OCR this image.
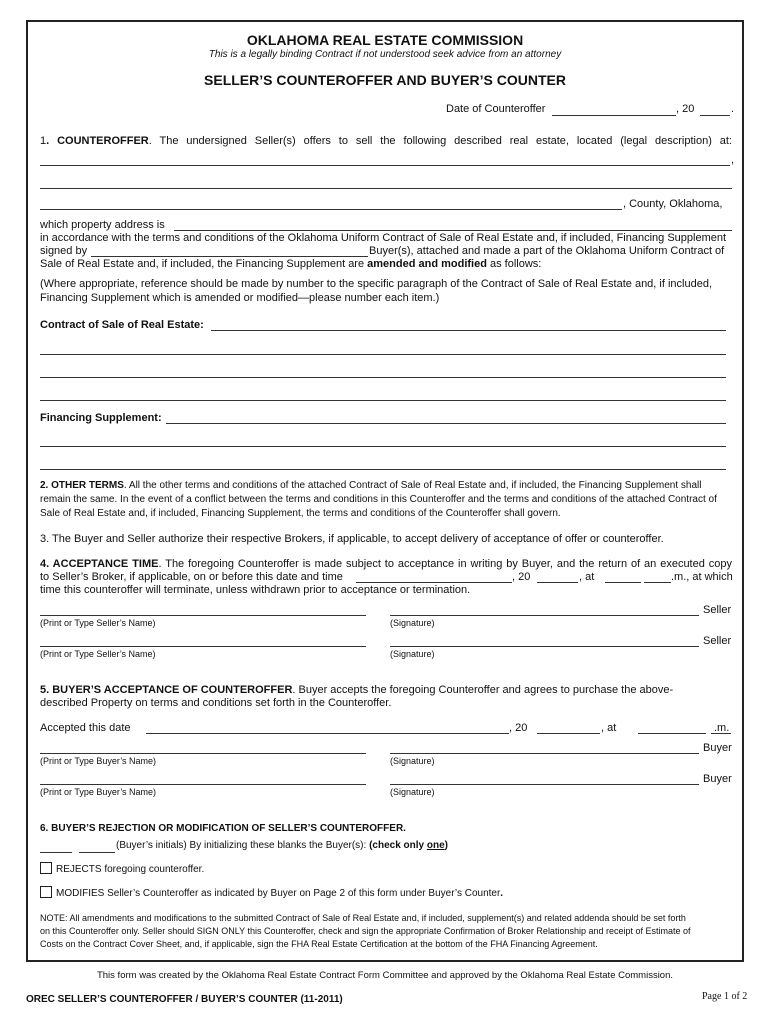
OKLAHOMA REAL ESTATE COMMISSION
This is a legally binding Contract if not understood seek advice from an attorney
SELLER’S COUNTEROFFER AND BUYER’S COUNTER
Date of Counteroffer	, 20	.
1. COUNTEROFFER. The undersigned Seller(s) offers to sell the following described real estate, located (legal description) at:
,
, County, Oklahoma,
which property address is
in accordance with the terms and conditions of the Oklahoma Uniform Contract of Sale of Real Estate and, if included, Financing Supplement
signed by	Buyer(s), attached and made a part of the Oklahoma Uniform Contract of
Sale of Real Estate and, if included, the Financing Supplement are amended and modified as follows:
(Where appropriate, reference should be made by number to the specific paragraph of the Contract of Sale of Real Estate and, if included,
Financing Supplement which is amended or modified—please number each item.)
Contract of Sale of Real Estate:
Financing Supplement:
2. OTHER TERMS. All the other terms and conditions of the attached Contract of Sale of Real Estate and, if included, the Financing Supplement shall
remain the same. In the event of a conflict between the terms and conditions in this Counteroffer and the terms and conditions of the attached Contract of
Sale of Real Estate and, if included, Financing Supplement, the terms and conditions of the Counteroffer shall govern.
3. The Buyer and Seller authorize their respective Brokers, if applicable, to accept delivery of acceptance of offer or counteroffer.
4. ACCEPTANCE TIME. The foregoing Counteroffer is made subject to acceptance in writing by Buyer, and the return of an executed copy
to Seller’s Broker, if applicable, on or before this date and time	, 20	, at	.m., at which
time this counteroffer will terminate, unless withdrawn prior to acceptance or termination.
Seller
(Print or Type Seller’s Name)	(Signature)
Seller
(Print or Type Seller’s Name)	(Signature)
5. BUYER’S ACCEPTANCE OF COUNTEROFFER. Buyer accepts the foregoing Counteroffer and agrees to purchase the above-
described Property on terms and conditions set forth in the Counteroffer.
Accepted this date	, 20	, at	.m.
Buyer
(Print or Type Buyer’s Name)	(Signature)
Buyer
(Print or Type Buyer’s Name)	(Signature)
6. BUYER’S REJECTION OR MODIFICATION OF SELLER’S COUNTEROFFER.
(Buyer’s initials) By initializing these blanks the Buyer(s): (check only one)
REJECTS foregoing counteroffer.
MODIFIES Seller’s Counteroffer as indicated by Buyer on Page 2 of this form under Buyer’s Counter.
NOTE: All amendments and modifications to the submitted Contract of Sale of Real Estate and, if included, supplement(s) and related addenda should be set forth
on this Counteroffer only. Seller should SIGN ONLY this Counteroffer, check and sign the appropriate Confirmation of Broker Relationship and receipt of Estimate of
Costs on the Contract Cover Sheet, and, if applicable, sign the FHA Real Estate Certification at the bottom of the FHA Financing Agreement.
This form was created by the Oklahoma Real Estate Contract Form Committee and approved by the Oklahoma Real Estate Commission.
OREC SELLER’S COUNTEROFFER / BUYER’S COUNTER (11-2011)	Page 1 of 2
